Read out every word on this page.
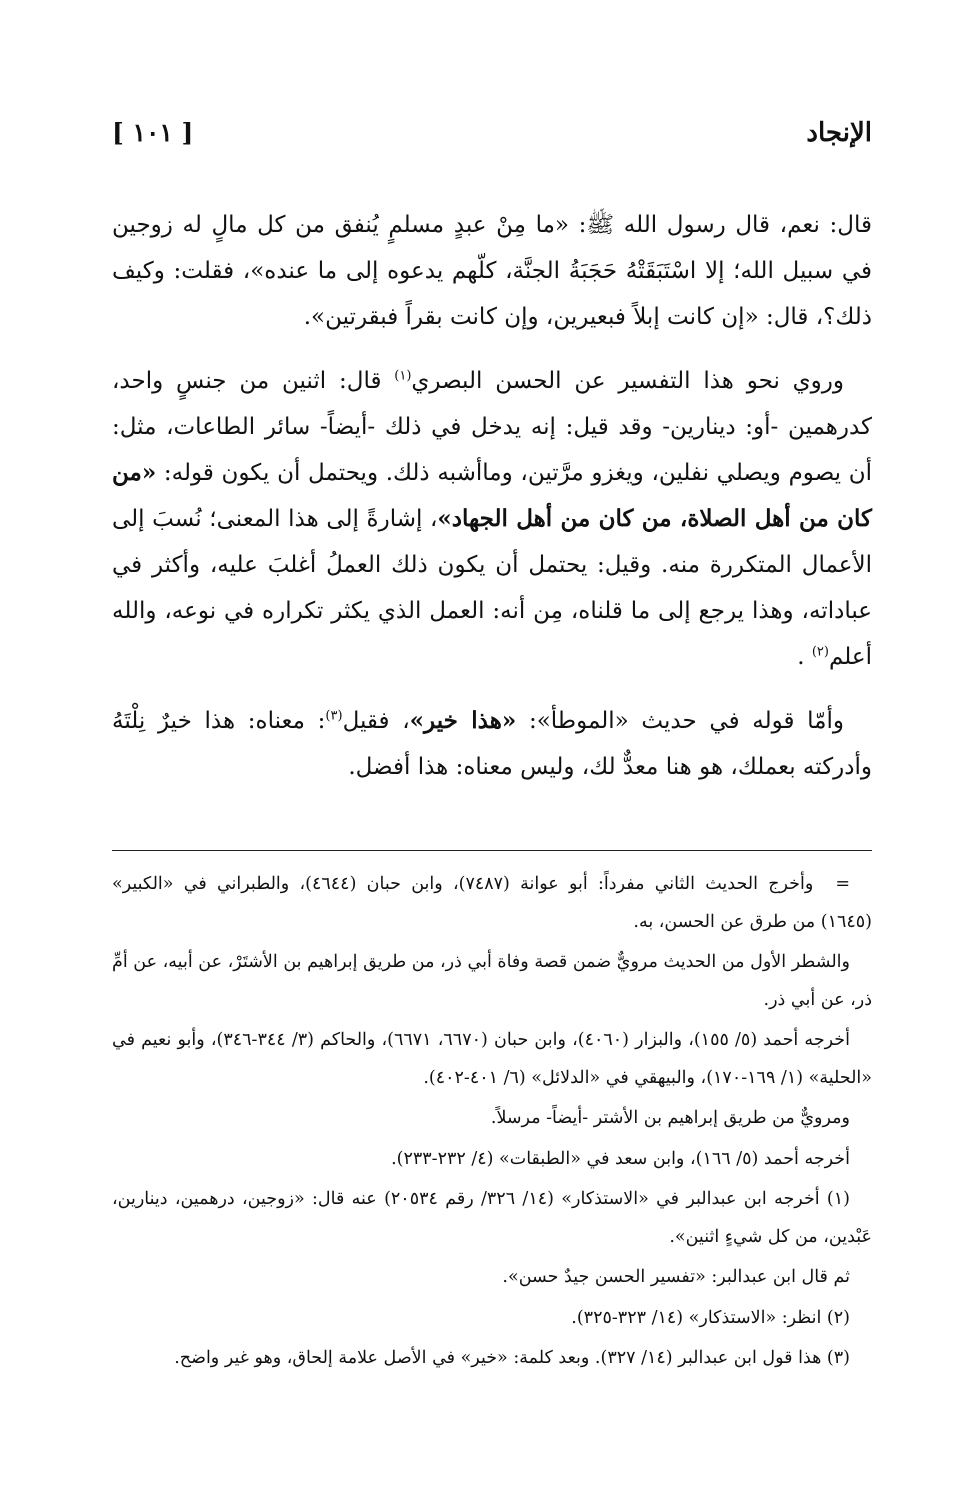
الإنجاد
[ ١٠١ ]

قال: نعم، قال رسول الله ﷺ: «ما مِنْ عبدٍ مسلمٍ يُنفق من كل مالٍ له زوجين في سبيل الله؛ إلا اسْتَبَقَتْهُ حَجَبَةُ الجنَّة، كلّهم يدعوه إلى ما عنده»، فقلت: وكيف ذلك؟، قال: «إن كانت إبلاً فبعيرين، وإن كانت بقراً فبقرتين».

وروي نحو هذا التفسير عن الحسن البصري$^{(١)}$ قال: اثنين من جنسٍ واحد، كدرهمين -أو: دينارين- وقد قيل: إنه يدخل في ذلك -أيضاً- سائر الطاعات، مثل: أن يصوم ويصلي نفلين، ويغزو مرَّتين، وماأشبه ذلك. ويحتمل أن يكون قوله: «من كان من أهل الصلاة، من كان من أهل الجهاد»، إشارةً إلى هذا المعنى؛ نُسبَ إلى الأعمال المتكررة منه. وقيل: يحتمل أن يكون ذلك العملُ أغلبَ عليه، وأكثر في عباداته، وهذا يرجع إلى ما قلناه، مِن أنه: العمل الذي يكثر تكراره في نوعه، والله أعلم$^{(٢)}$ .

وأمّا قوله في حديث «الموطأ»: «هذا خير»، فقيل$^{(٣)}$: معناه: هذا خيرٌ نِلْتَهُ وأدركته بعملك، هو هنا معدٌّ لك، وليس معناه: هذا أفضل.

=وأخرج الحديث الثاني مفرداً: أبو عوانة (٧٤٨٧)، وابن حبان (٤٦٤٤)، والطبراني في «الكبير» (١٦٤٥) من طرق عن الحسن، به.

والشطر الأول من الحديث مرويٌّ ضمن قصة وفاة أبي ذر، من طريق إبراهيم بن الأشتَرْ، عن أبيه، عن أمِّ ذر، عن أبي ذر.

أخرجه أحمد (٥/ ١٥٥)، والبزار (٤٠٦٠)، وابن حبان (٦٦٧٠، ٦٦٧١)، والحاكم (٣/ ٣٤٤-٣٤٦)، وأبو نعيم في «الحلية» (١/ ١٦٩-١٧٠)، والبيهقي في «الدلائل» (٦/ ٤٠١-٤٠٢).

ومرويٌّ من طريق إبراهيم بن الأشتر -أيضاً- مرسلاً.

أخرجه أحمد (٥/ ١٦٦)، وابن سعد في «الطبقات» (٤/ ٢٣٢-٢٣٣).

(١) أخرجه ابن عبدالبر في «الاستذكار» (١٤/ ٣٢٦/ رقم ٢٠٥٣٤) عنه قال: «زوجين، درهمين، دينارين، عَبْدين، من كل شيءٍ اثنين».

ثم قال ابن عبدالبر: «تفسير الحسن جيدٌ حسن».

(٢) انظر: «الاستذكار» (١٤/ ٣٢٣-٣٢٥).

(٣) هذا قول ابن عبدالبر (١٤/ ٣٢٧). وبعد كلمة: «خير» في الأصل علامة إلحاق، وهو غير واضح.
